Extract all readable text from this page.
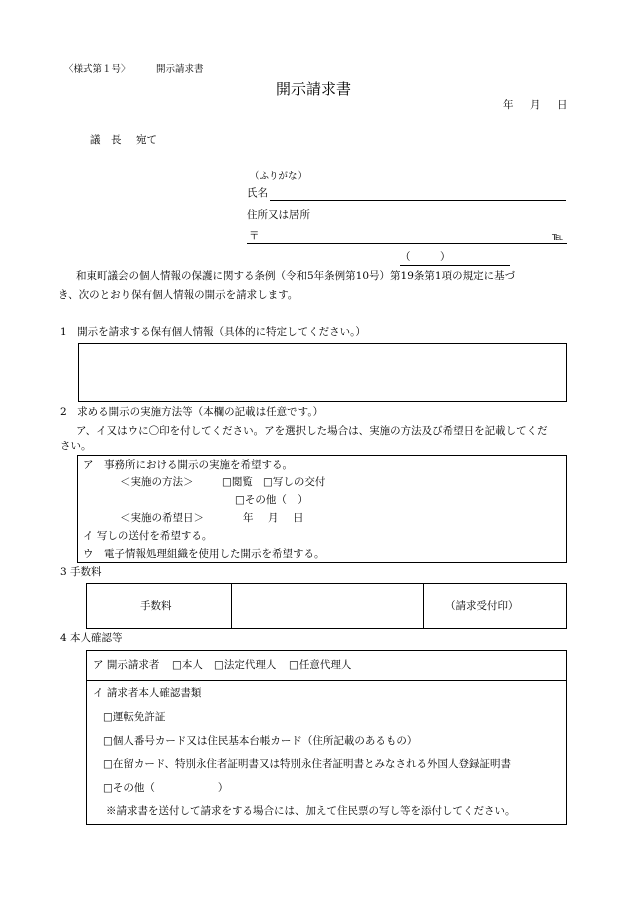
〈様式第１号〉	開示請求書
開示請求書
年 月 日
議　長 宛て
（ふりがな）
氏名
住所又は居所
〒	℡
（	）
和東町議会の個人情報の保護に関する条例（令和5年条例第10号）第19条第1項の規定に基づ
き、次のとおり保有個人情報の開示を請求します。
1　開示を請求する保有個人情報（具体的に特定してください。）
2　求める開示の実施方法等（本欄の記載は任意です。）
ア、イ又はウに〇印を付してください。アを選択した場合は、実施の方法及び希望日を記載してくだ
さい。
ア　事務所における開示の実施を希望する。
＜実施の方法＞	□閲覧 □写しの交付
□その他（　）
＜実施の希望日＞	年 月 日
イ 写しの送付を希望する。
ウ　電子情報処理組織を使用した開示を希望する。
3 手数料
手数料	（請求受付印）
4 本人確認等
ア 開示請求者 □本人 □法定代理人 □任意代理人
イ 請求者本人確認書類
□運転免許証
□個人番号カード又は住民基本台帳カード（住所記載のあるもの）
□在留カード、特別永住者証明書又は特別永住者証明書とみなされる外国人登録証明書
□その他（　　　　　　）
※請求書を送付して請求をする場合には、加えて住民票の写し等を添付してください。
